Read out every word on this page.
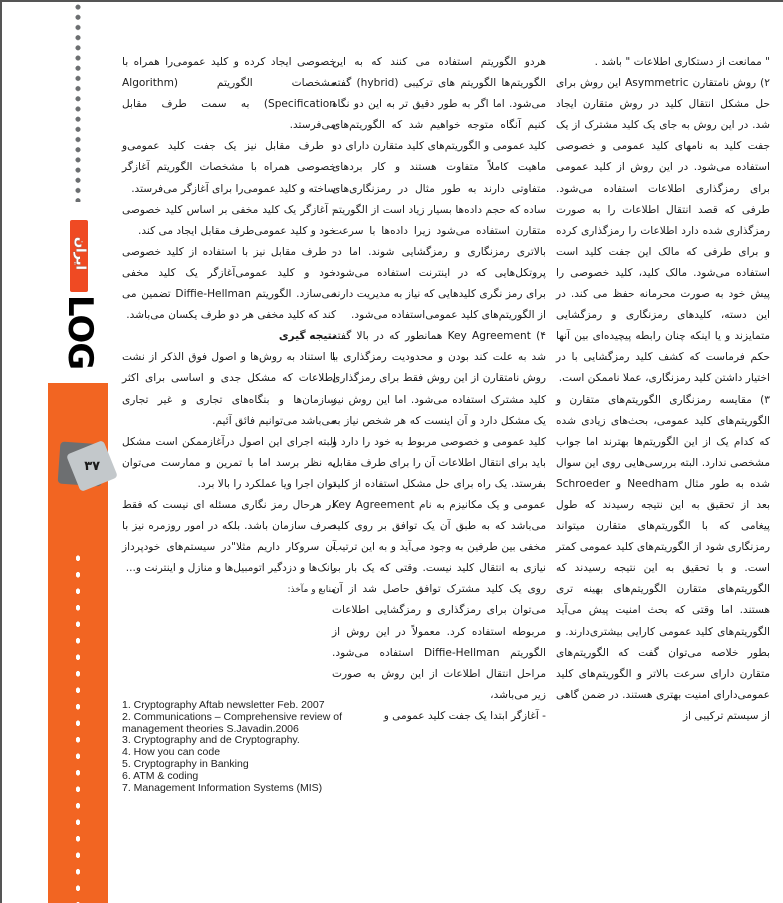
ایران
LOG
۳۷

" ممانعت از دستکاری اطلاعات " باشد .

۲) روش نامتقارن Asymmetric این روش برای حل مشکل انتقال کلید در روش متقارن ایجاد شد. در این روش به جای یک کلید مشترک از یک جفت کلید به نامهای کلید عمومی و خصوصی استفاده می‌شود. در این روش از کلید عمومی برای رمزگذاری اطلاعات استفاده می‌شود. طرفی که قصد انتقال اطلاعات را به صورت رمزگذاری شده دارد اطلاعات را رمزگذاری کرده و برای طرفی که مالک این جفت کلید است استفاده می‌شود. مالک کلید، کلید خصوصی را پیش خود به صورت محرمانه حفظ می کند. در این دسته، کلیدهای رمزنگاری و رمزگشایی متمایزند و یا اینکه چنان رابطه پیچیده‌ای بین آنها حکم فرماست که کشف کلید رمزگشایی با در اختیار داشتن کلید رمزنگاری، عملا ناممکن است.

۳) مقایسه رمزنگاری الگوریتم‌های متقارن و الگوریتم‌های کلید عمومی، بحث‌های زیادی شده که کدام یک از این الگوریتم‌ها بهترند اما جواب مشخصی ندارد. البته بررسی‌هایی روی این سوال شده به طور مثال Needham و Schroeder بعد از تحقیق به این نتیجه رسیدند که طول پیغامی که با الگوریتم‌های متقارن میتواند رمزنگاری شود از الگوریتم‌های کلید عمومی کمتر است. و با تحقیق به این نتیجه رسیدند که الگوریتم‌های متقارن الگوریتم‌های بهینه تری هستند. اما وقتی که بحث امنیت پیش می‌آید الگوریتم‌های کلید عمومی کارایی بیشتری‌دارند. و بطور خلاصه می‌توان گفت که الگوریتم‌های متقارن دارای سرعت بالاتر و الگوریتم‌های کلید عمومی‌دارای امنیت بهتری هستند. در ضمن گاهی از سیستم ترکیبی از

هردو الگوریتم استفاده می کنند که به این الگوریتم‌ها الگوریتم های ترکیبی (hybrid) گفته می‌شود. اما اگر به طور دقیق تر به این دو نگاه کنیم آنگاه متوجه خواهیم شد که الگوریتم‌های کلید عمومی و الگوریتم‌های کلید متقارن دارای دو ماهیت کاملاً متفاوت هستند و کار بردهای متفاوتی دارند به طور مثال در رمزنگاری‌های ساده که حجم داده‌ها بسیار زیاد است از الگوریتم متقارن استفاده می‌شود زیرا داده‌ها با سرعت بالاتری رمزنگاری و رمزگشایی شوند. اما در پروتکل‌هایی که در اینترنت استفاده می‌شود، برای رمز نگری کلیدهایی که نیاز به مدیریت دارند از الگوریتم‌های کلید عمومی‌استفاده می‌شود.

۴) Key Agreement همانطور که در بالا گفته شد به علت کند بودن و محدودیت رمزگذاری با روش نامتقارن از این روش فقط برای رمزگذاری کلید مشترک استفاده می‌شود. اما این روش نیز یک مشکل دارد و آن اینست که هر شخص نیاز به کلید عمومی و خصوصی مربوط به خود را دارد و باید برای انتقال اطلاعات آن را برای طرف مقابل بفرستد. یک راه برای حل مشکل استفاده از کلید عمومی و یک مکانیزم به نام Key Agreement می‌باشد که به طبق آن یک توافق بر روی کلید مخفی بین طرفین به وجود می‌آید و به این ترتیب نیازی به انتقال کلید نیست. وقتی که یک بار بر روی یک کلید مشترک توافق حاصل شد از آن می‌توان برای رمزگذاری و رمزگشایی اطلاعات مربوطه استفاده کرد. معمولاً در این روش از الگوریتم Diffie-Hellman استفاده می‌شود. مراحل انتقال اطلاعات از این روش به صورت زیر می‌باشد،

- آغازگر ابتدا یک جفت کلید عمومی و

خصوصی ایجاد کرده و کلید عمومی‌را همراه با مشخصات الگوریتم (Algorithm Specification) به سمت طرف مقابل می‌فرستد.

- طرف مقابل نیز یک جفت کلید عمومی‌و خصوصی همراه با مشخصات الگوریتم آغازگر ساخته و کلید عمومی‌را برای آغازگر می‌فرستد.

- آغازگر یک کلید مخفی بر اساس کلید خصوصی خود و کلید عمومی‌طرف مقابل ایجاد می کند.

- طرف مقابل نیز با استفاده از کلید خصوصی خود و کلید عمومی‌آغازگر یک کلید مخفی می‌سازد. الگوریتم Diffie-Hellman تضمین می کند که کلید مخفی هر دو طرف یکسان می‌باشد.

نتیجه گیری

با استناد به روش‌ها و اصول فوق الذکر از نشت اطلاعات که مشکل جدی و اساسی برای اکثر سازمان‌ها و بنگاه‌های تجاری و غیر تجاری می‌باشد می‌توانیم فائق آئیم.

البته اجرای این اصول درآغازممکن است مشکل به نظر برسد اما با تمرین و ممارست می‌توان توان اجرا ویا عملکرد را بالا برد.

در هرحال رمز نگاری مسئله ای نیست که فقط صرف سازمان باشد. بلکه در امور روزمره نیز با آن سروکار داریم مثلا"در سیستم‌های خودپرداز بانک‌ها و دزدگیر اتومبیل‌ها و منازل و اینترنت و...

منابع و مآخذ:

1. Cryptography Aftab newsletter Feb. 2007
2. Communications – Comprehensive review of management theories S.Javadin.2006
3. Cryptography and de Cryptography.
4. How you can code
5. Cryptography in Banking
6. ATM & coding
7. Management Information Systems (MIS)
